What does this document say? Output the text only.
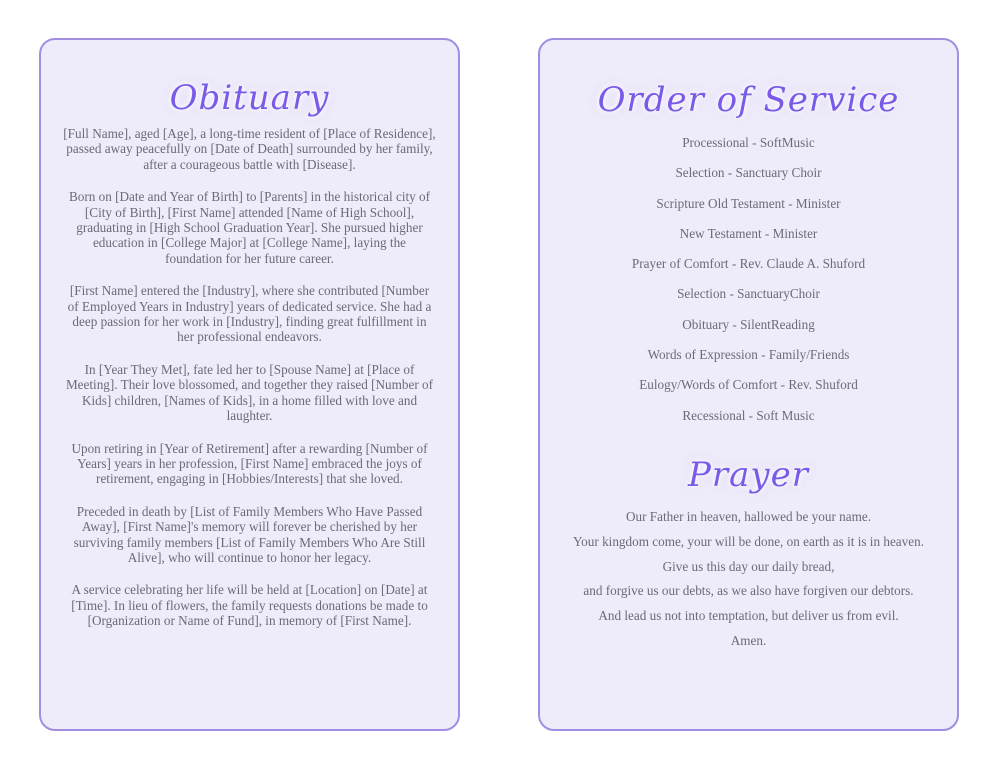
Obituary

[Full Name], aged [Age], a long-time resident of [Place of Residence], passed away peacefully on [Date of Death] surrounded by her family, after a courageous battle with [Disease].

Born on [Date and Year of Birth] to [Parents] in the historical city of [City of Birth], [First Name] attended [Name of High School], graduating in [High School Graduation Year]. She pursued higher education in [College Major] at [College Name], laying the foundation for her future career.

[First Name] entered the [Industry], where she contributed [Number of Employed Years in Industry] years of dedicated service. She had a deep passion for her work in [Industry], finding great fulfillment in her professional endeavors.

In [Year They Met], fate led her to [Spouse Name] at [Place of Meeting]. Their love blossomed, and together they raised [Number of Kids] children, [Names of Kids], in a home filled with love and laughter.

Upon retiring in [Year of Retirement] after a rewarding [Number of Years] years in her profession, [First Name] embraced the joys of retirement, engaging in [Hobbies/Interests] that she loved.

Preceded in death by [List of Family Members Who Have Passed Away], [First Name]'s memory will forever be cherished by her surviving family members [List of Family Members Who Are Still Alive], who will continue to honor her legacy.

A service celebrating her life will be held at [Location] on [Date] at [Time]. In lieu of flowers, the family requests donations be made to [Organization or Name of Fund], in memory of [First Name].

Order of Service
Processional - SoftMusic
Selection - Sanctuary Choir
Scripture Old Testament - Minister
New Testament - Minister
Prayer of Comfort - Rev. Claude A. Shuford
Selection - SanctuaryChoir
Obituary - SilentReading
Words of Expression - Family/Friends
Eulogy/Words of Comfort - Rev. Shuford
Recessional - Soft Music
Prayer
Our Father in heaven, hallowed be your name.
Your kingdom come, your will be done, on earth as it is in heaven.
Give us this day our daily bread,
and forgive us our debts, as we also have forgiven our debtors.
And lead us not into temptation, but deliver us from evil.
Amen.
